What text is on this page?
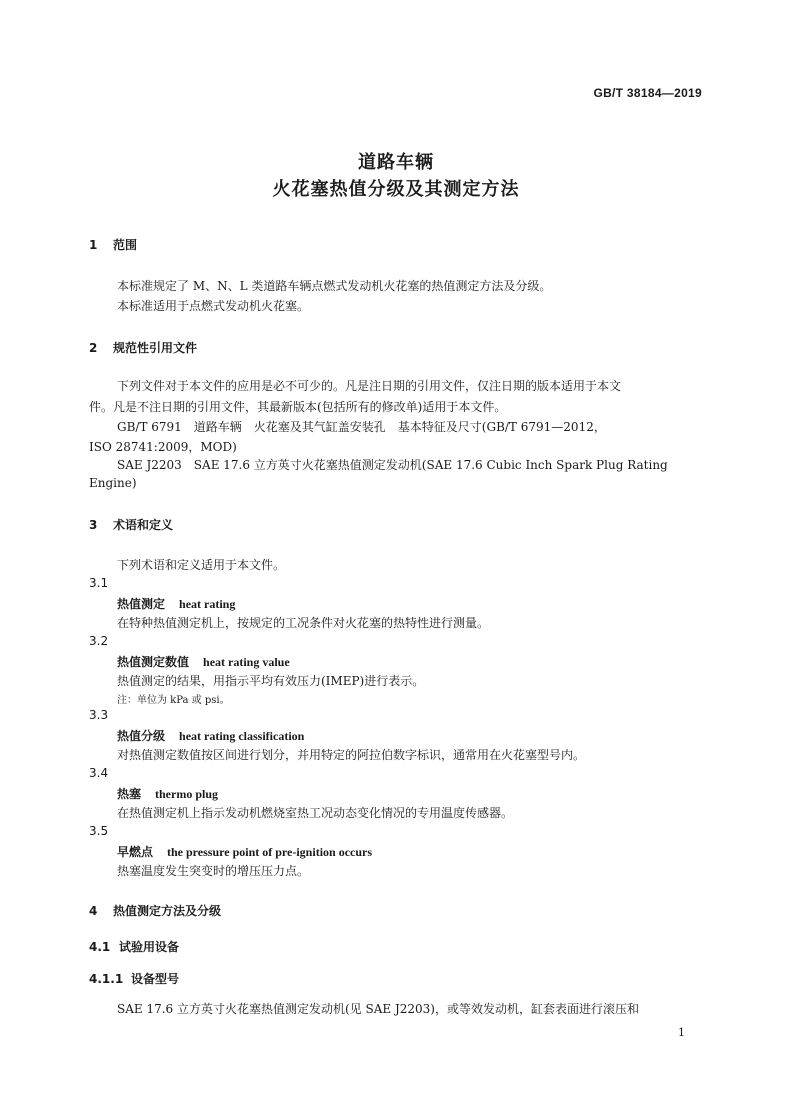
GB/T 38184—2019
道路车辆
火花塞热值分级及其测定方法
1 范围
本标准规定了 M、N、L 类道路车辆点燃式发动机火花塞的热值测定方法及分级。
本标准适用于点燃式发动机火花塞。
2 规范性引用文件
下列文件对于本文件的应用是必不可少的。凡是注日期的引用文件，仅注日期的版本适用于本文
件。凡是不注日期的引用文件，其最新版本(包括所有的修改单)适用于本文件。
GB/T 6791　道路车辆　火花塞及其气缸盖安装孔　基本特征及尺寸(GB/T 6791—2012，
ISO 28741:2009，MOD)
SAE J2203　SAE 17.6 立方英寸火花塞热值测定发动机(SAE 17.6 Cubic Inch Spark Plug Rating
Engine)
3 术语和定义
下列术语和定义适用于本文件。
3.1
热值测定 heat rating
在特种热值测定机上，按规定的工况条件对火花塞的热特性进行测量。
3.2
热值测定数值 heat rating value
热值测定的结果，用指示平均有效压力(IMEP)进行表示。
注：单位为 kPa 或 psi。
3.3
热值分级 heat rating classification
对热值测定数值按区间进行划分，并用特定的阿拉伯数字标识，通常用在火花塞型号内。
3.4
热塞 thermo plug
在热值测定机上指示发动机燃烧室热工况动态变化情况的专用温度传感器。
3.5
早燃点 the pressure point of pre-ignition occurs
热塞温度发生突变时的增压压力点。
4 热值测定方法及分级
4.1 试验用设备
4.1.1 设备型号
SAE 17.6 立方英寸火花塞热值测定发动机(见 SAE J2203)，或等效发动机，缸套表面进行滚压和
1
